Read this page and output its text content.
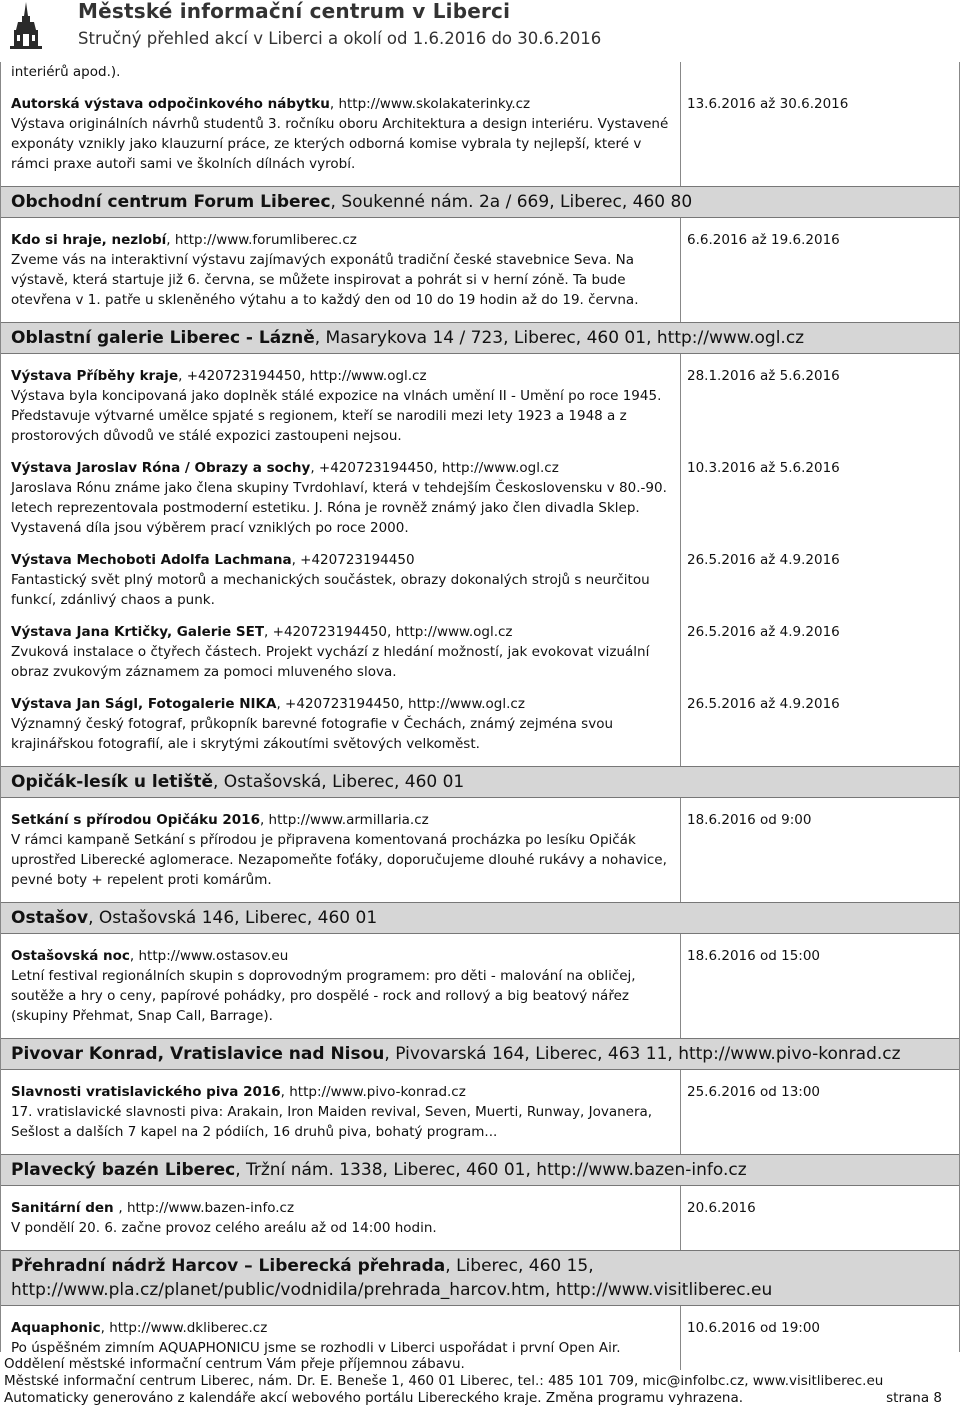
Městské informační centrum v Liberci
Stručný přehled akcí v Liberci a okolí od 1.6.2016 do 30.6.2016
interiérů apod.).
Autorská výstava odpočinkového nábytku, http://www.skolakaterinky.cz
Výstava originálních návrhů studentů 3. ročníku oboru Architektura a design interiéru. Vystavené exponáty vznikly jako klauzurní práce, ze kterých odborná komise vybrala ty nejlepší, které v rámci praxe autoři sami ve školních dílnách vyrobí.
13.6.2016 až 30.6.2016
Obchodní centrum Forum Liberec, Soukenné nám. 2a / 669, Liberec, 460 80
Kdo si hraje, nezlobí, http://www.forumliberec.cz
Zveme vás na interaktivní výstavu zajímavých exponátů tradiční české stavebnice Seva. Na výstavě, která startuje již 6. června, se můžete inspirovat a pohrát si v herní zóně. Ta bude otevřena v 1. patře u skleněného výtahu a to každý den od 10 do 19 hodin až do 19. června.
6.6.2016 až 19.6.2016
Oblastní galerie Liberec - Lázně, Masarykova 14 / 723, Liberec, 460 01, http://www.ogl.cz
Výstava Příběhy kraje, +420723194450, http://www.ogl.cz
Výstava byla koncipovaná jako doplněk stálé expozice na vlnách umění II - Umění po roce 1945. Představuje výtvarné umělce spjaté s regionem, kteří se narodili mezi lety 1923 a 1948 a z prostorových důvodů ve stálé expozici zastoupeni nejsou.
28.1.2016 až 5.6.2016
Výstava Jaroslav Róna / Obrazy a sochy, +420723194450, http://www.ogl.cz
Jaroslava Rónu známe jako člena skupiny Tvrdohlaví, která v tehdejším Československu v 80.-90. letech reprezentovala postmoderní estetiku. J. Róna je rovněž známý jako člen divadla Sklep. Vystavená díla jsou výběrem prací vzniklých po roce 2000.
10.3.2016 až 5.6.2016
Výstava Mechoboti Adolfa Lachmana, +420723194450
Fantastický svět plný motorů a mechanických součástek, obrazy dokonalých strojů s neurčitou funkcí, zdánlivý chaos a punk.
26.5.2016 až 4.9.2016
Výstava Jana Krtičky, Galerie SET, +420723194450, http://www.ogl.cz
Zvuková instalace o čtyřech částech. Projekt vychází z hledání možností, jak evokovat vizuální obraz zvukovým záznamem za pomoci mluveného slova.
26.5.2016 až 4.9.2016
Výstava Jan Ságl, Fotogalerie NIKA, +420723194450, http://www.ogl.cz
Významný český fotograf, průkopník barevné fotografie v Čechách, známý zejména svou krajinářskou fotografií, ale i skrytými zákoutími světových velkoměst.
26.5.2016 až 4.9.2016
Opičák-lesík u letiště, Ostašovská, Liberec, 460 01
Setkání s přírodou Opičáku 2016, http://www.armillaria.cz
V rámci kampaně Setkání s přírodou je připravena komentovaná procházka po lesíku Opičák uprostřed Liberecké aglomerace. Nezapomeňte foťáky, doporučujeme dlouhé rukávy a nohavice, pevné boty + repelent proti komárům.
18.6.2016 od 9:00
Ostašov, Ostašovská 146, Liberec, 460 01
Ostašovská noc, http://www.ostasov.eu
Letní festival regionálních skupin s doprovodným programem: pro děti - malování na obličej, soutěže a hry o ceny, papírové pohádky, pro dospělé - rock and rollový a big beatový nářez (skupiny Přehmat, Snap Call, Barrage).
18.6.2016 od 15:00
Pivovar Konrad, Vratislavice nad Nisou, Pivovarská 164, Liberec, 463 11, http://www.pivo-konrad.cz
Slavnosti vratislavického piva 2016, http://www.pivo-konrad.cz
17. vratislavické slavnosti piva: Arakain, Iron Maiden revival, Seven, Muerti, Runway, Jovanera, Sešlost a dalších 7 kapel na 2 pódiích, 16 druhů piva, bohatý program...
25.6.2016 od 13:00
Plavecký bazén Liberec, Tržní nám. 1338, Liberec, 460 01, http://www.bazen-info.cz
Sanitární den , http://www.bazen-info.cz
V pondělí 20. 6. začne provoz celého areálu až od 14:00 hodin.
20.6.2016
Přehradní nádrž Harcov – Liberecká přehrada, Liberec, 460 15, http://www.pla.cz/planet/public/vodnidila/prehrada_harcov.htm, http://www.visitliberec.eu
Aquaphonic, http://www.dkliberec.cz
Po úspěšném zimním AQUAPHONICU jsme se rozhodli v Liberci uspořádat i první Open Air.
10.6.2016 od 19:00
Oddělení městské informační centrum Vám přeje příjemnou zábavu.
Městské informační centrum Liberec, nám. Dr. E. Beneše 1, 460 01 Liberec, tel.: 485 101 709, mic@infolbc.cz, www.visitliberec.eu
Automaticky generováno z kalendáře akcí webového portálu Libereckého kraje. Změna programu vyhrazena.	strana 8
